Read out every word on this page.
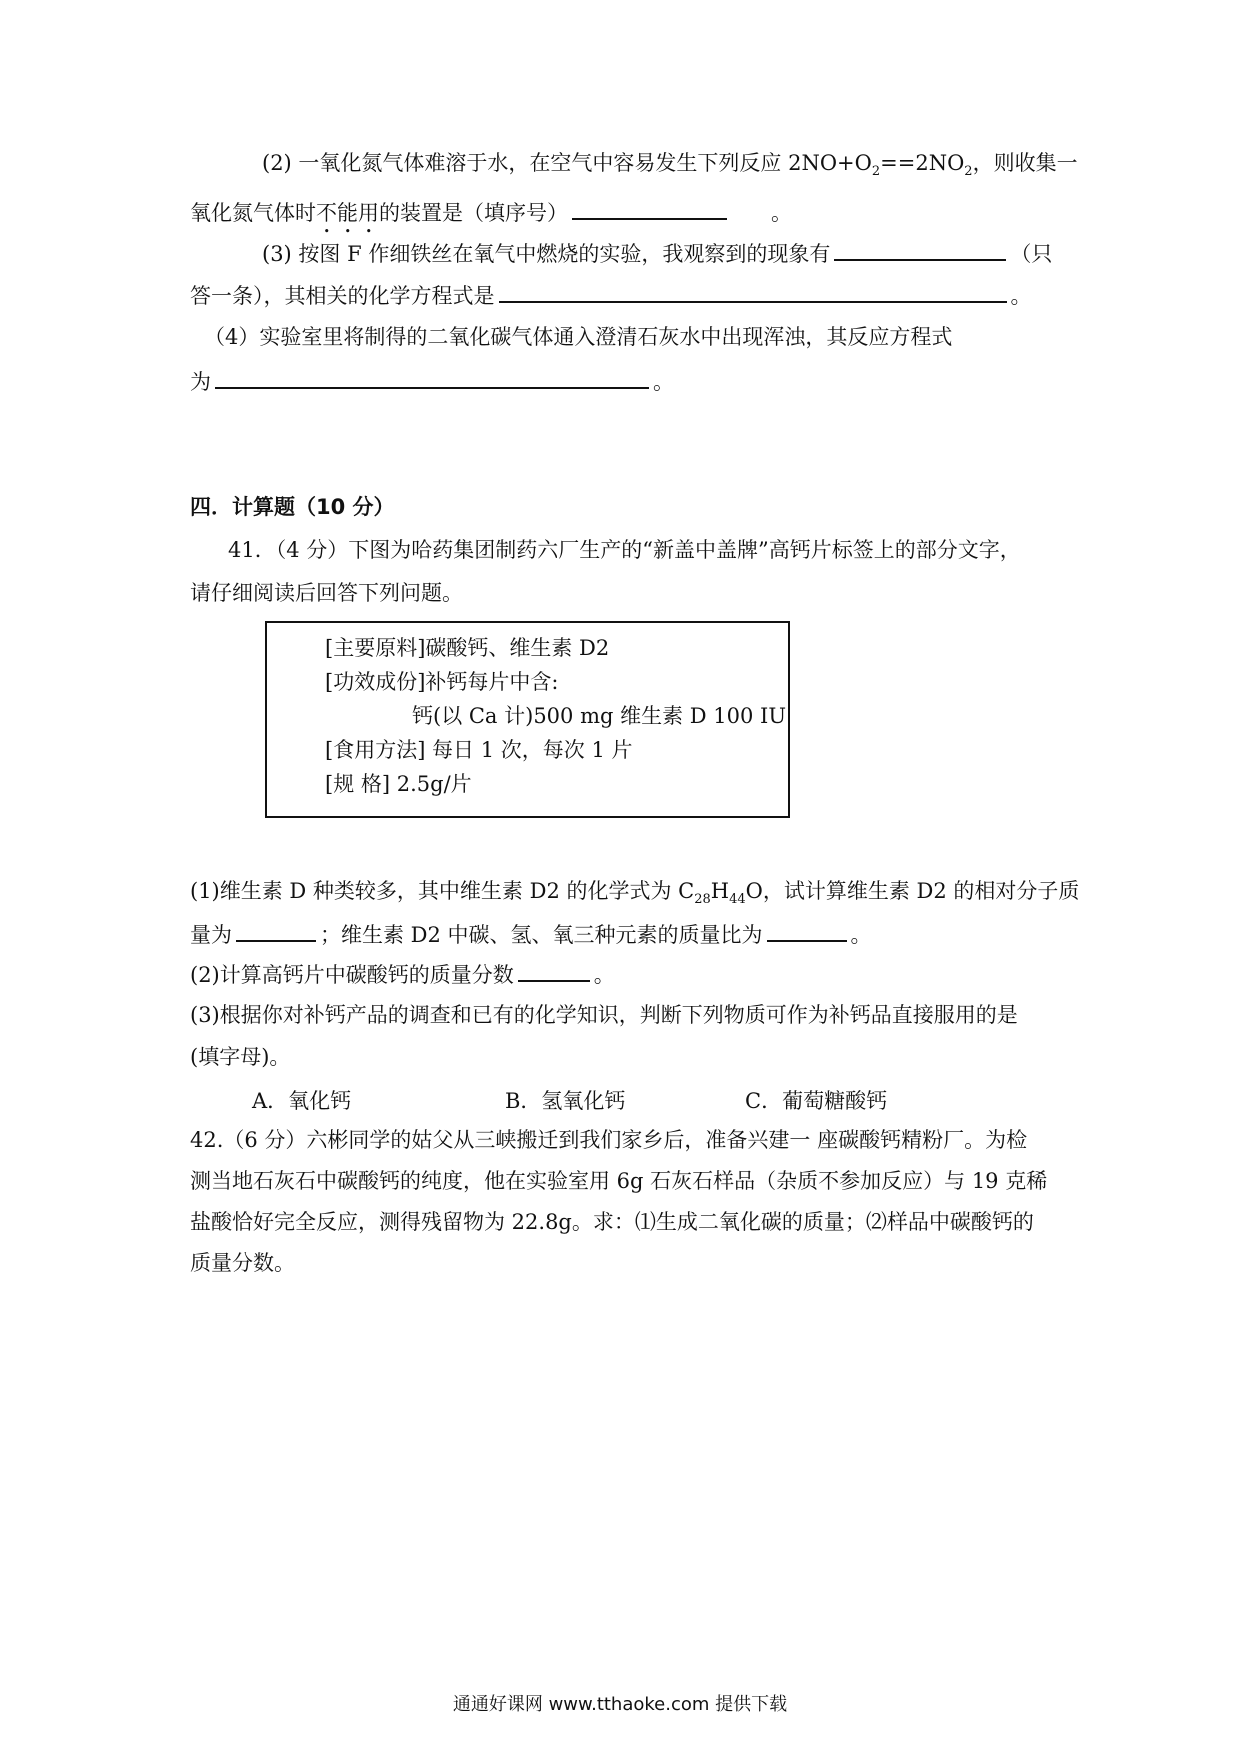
(2) 一氧化氮气体难溶于水，在空气中容易发生下列反应 $2NO+O_2==2NO_2$，则收集一
氧化氮气体时不能用的装置是（填序号）	。
(3) 按图 F 作细铁丝在氧气中燃烧的实验，我观察到的现象有	（只
答一条），其相关的化学方程式是	。
（4）实验室里将制得的二氧化碳气体通入澄清石灰水中出现浑浊，其反应方程式
为	。
四．计算题（10 分）
41．（4 分）下图为哈药集团制药六厂生产的“新盖中盖牌”高钙片标签上的部分文字，
请仔细阅读后回答下列问题。
[主要原料]碳酸钙、维生素 D2
[功效成份]补钙每片中含:
钙(以 Ca 计)500 mg 维生素 D 100 IU
[食用方法] 每日 1 次，每次 1 片
[规 格] 2.5g/片
(1)维生素 D 种类较多，其中维生素 D2 的化学式为 $C_{28}H_{44}O$，试计算维生素 D2 的相对分子质
量为	；维生素 D2 中碳、氢、氧三种元素的质量比为	。
(2)计算高钙片中碳酸钙的质量分数	。
(3)根据你对补钙产品的调查和已有的化学知识，判断下列物质可作为补钙品直接服用的是
(填字母)。
A．氧化钙	B．氢氧化钙	C．葡萄糖酸钙
42.（6 分）六彬同学的姑父从三峡搬迁到我们家乡后，准备兴建一 座碳酸钙精粉厂。为检
测当地石灰石中碳酸钙的纯度，他在实验室用 6g 石灰石样品（杂质不参加反应）与 19 克稀
盐酸恰好完全反应，测得残留物为 22.8g。求：⑴生成二氧化碳的质量；⑵样品中碳酸钙的
质量分数。
通通好课网 www.tthaoke.com 提供下载
